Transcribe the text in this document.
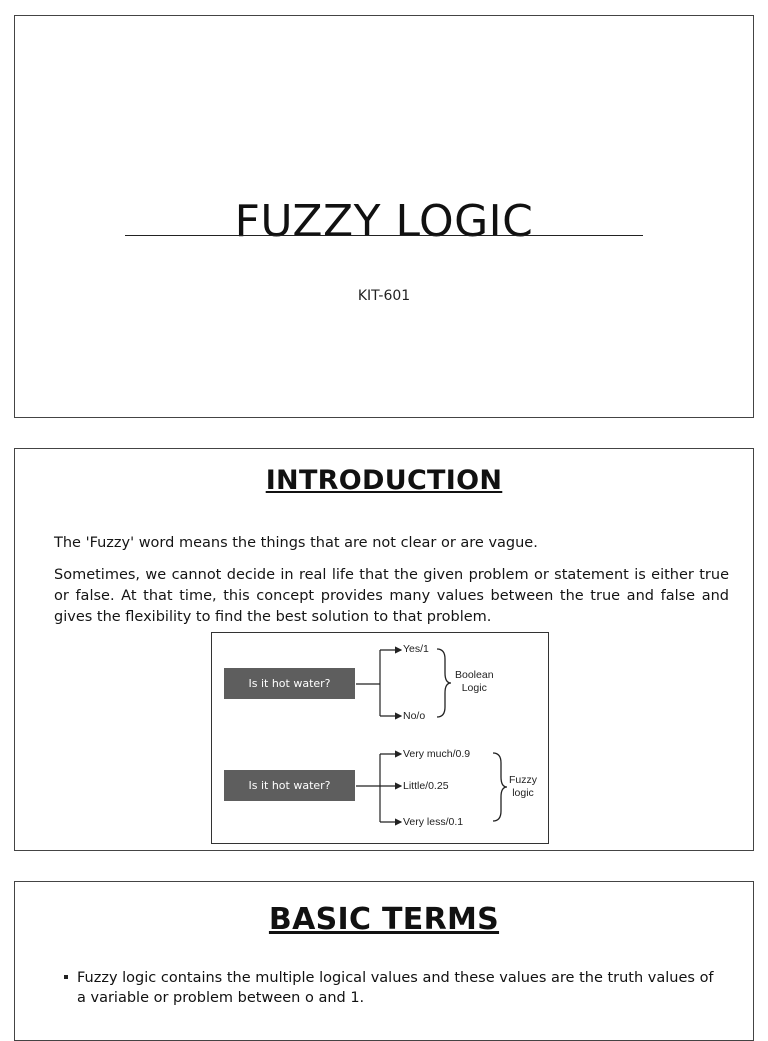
FUZZY LOGIC
KIT-601
INTRODUCTION

The 'Fuzzy' word means the things that are not clear or are vague.

Sometimes, we cannot decide in real life that the given problem or statement is either true or false. At that time, this concept provides many values between the true and false and gives the flexibility to find the best solution to that problem.

Is it hot water?
Yes/1
No/o
Boolean
Logic
Is it hot water?
Very much/0.9
Little/0.25
Very less/0.1
Fuzzy
logic
BASIC TERMS
Fuzzy logic contains the multiple logical values and these values are the truth values of a variable or problem between o and 1.
